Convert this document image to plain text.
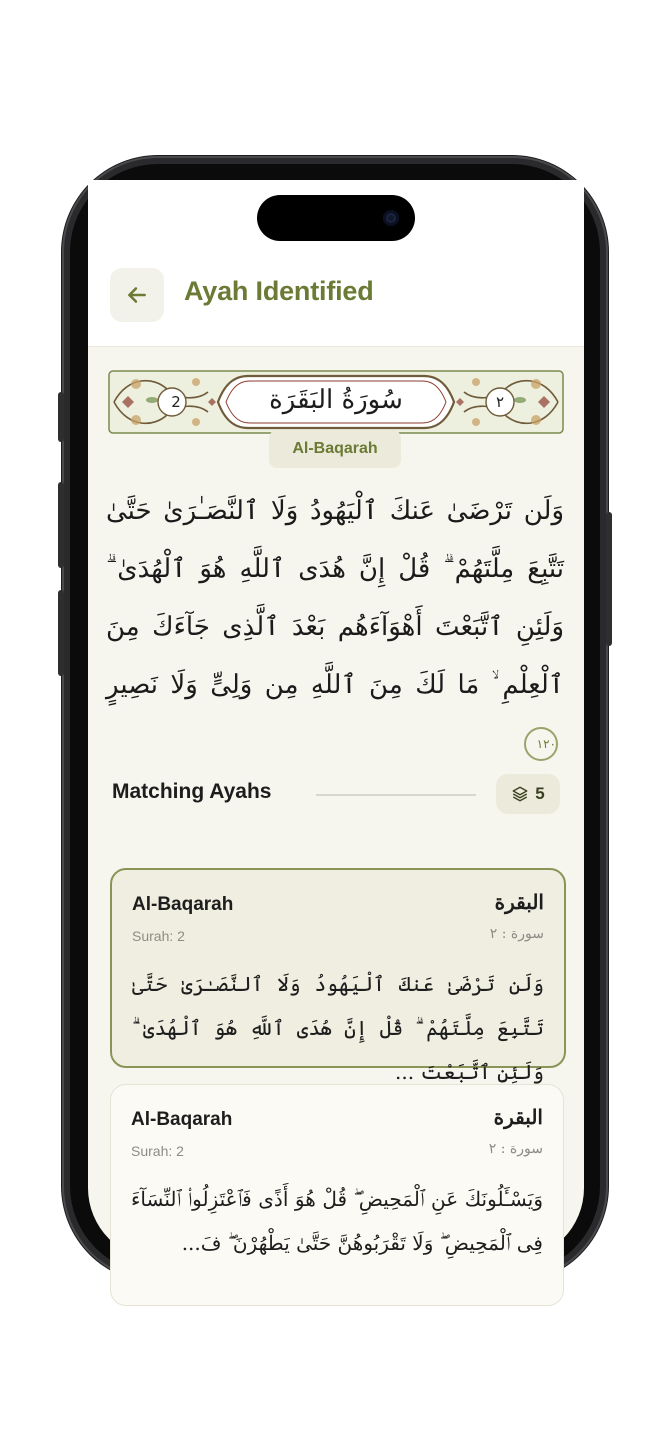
Ayah Identified
2	٢
سُورَةُ البَقَرَة
Al-Baqarah
وَلَن تَرْضَىٰ عَنكَ ٱلْيَهُودُ وَلَا ٱلنَّصَـٰرَىٰ حَتَّىٰ تَتَّبِعَ مِلَّتَهُمْ ۗ قُلْ إِنَّ هُدَى ٱللَّهِ هُوَ ٱلْهُدَىٰ ۗ وَلَئِنِ ٱتَّبَعْتَ أَهْوَآءَهُم بَعْدَ ٱلَّذِى جَآءَكَ مِنَ ٱلْعِلْمِ ۙ مَا لَكَ مِنَ ٱللَّهِ مِن وَلِىٍّ وَلَا نَصِيرٍ ١٢٠
Matching Ayahs	5
Al-Baqarah	البقرة
Surah: 2	سورة : ٢
وَلَن تَرْضَىٰ عَنكَ ٱلْيَهُودُ وَلَا ٱلنَّصَـٰرَىٰ حَتَّىٰ تَتَّبِعَ مِلَّتَهُمْ ۗ قُلْ إِنَّ هُدَى ٱللَّهِ هُوَ ٱلْهُدَىٰ ۗ وَلَئِنِ ٱتَّبَعْتَ ...
Al-Baqarah	البقرة
Surah: 2	سورة : ٢
وَيَسْـَٔلُونَكَ عَنِ ٱلْمَحِيضِ ۖ قُلْ هُوَ أَذًى فَٱعْتَزِلُوا۟ ٱلنِّسَآءَ فِى ٱلْمَحِيضِ ۖ وَلَا تَقْرَبُوهُنَّ حَتَّىٰ يَطْهُرْنَ ۖ فَ...
